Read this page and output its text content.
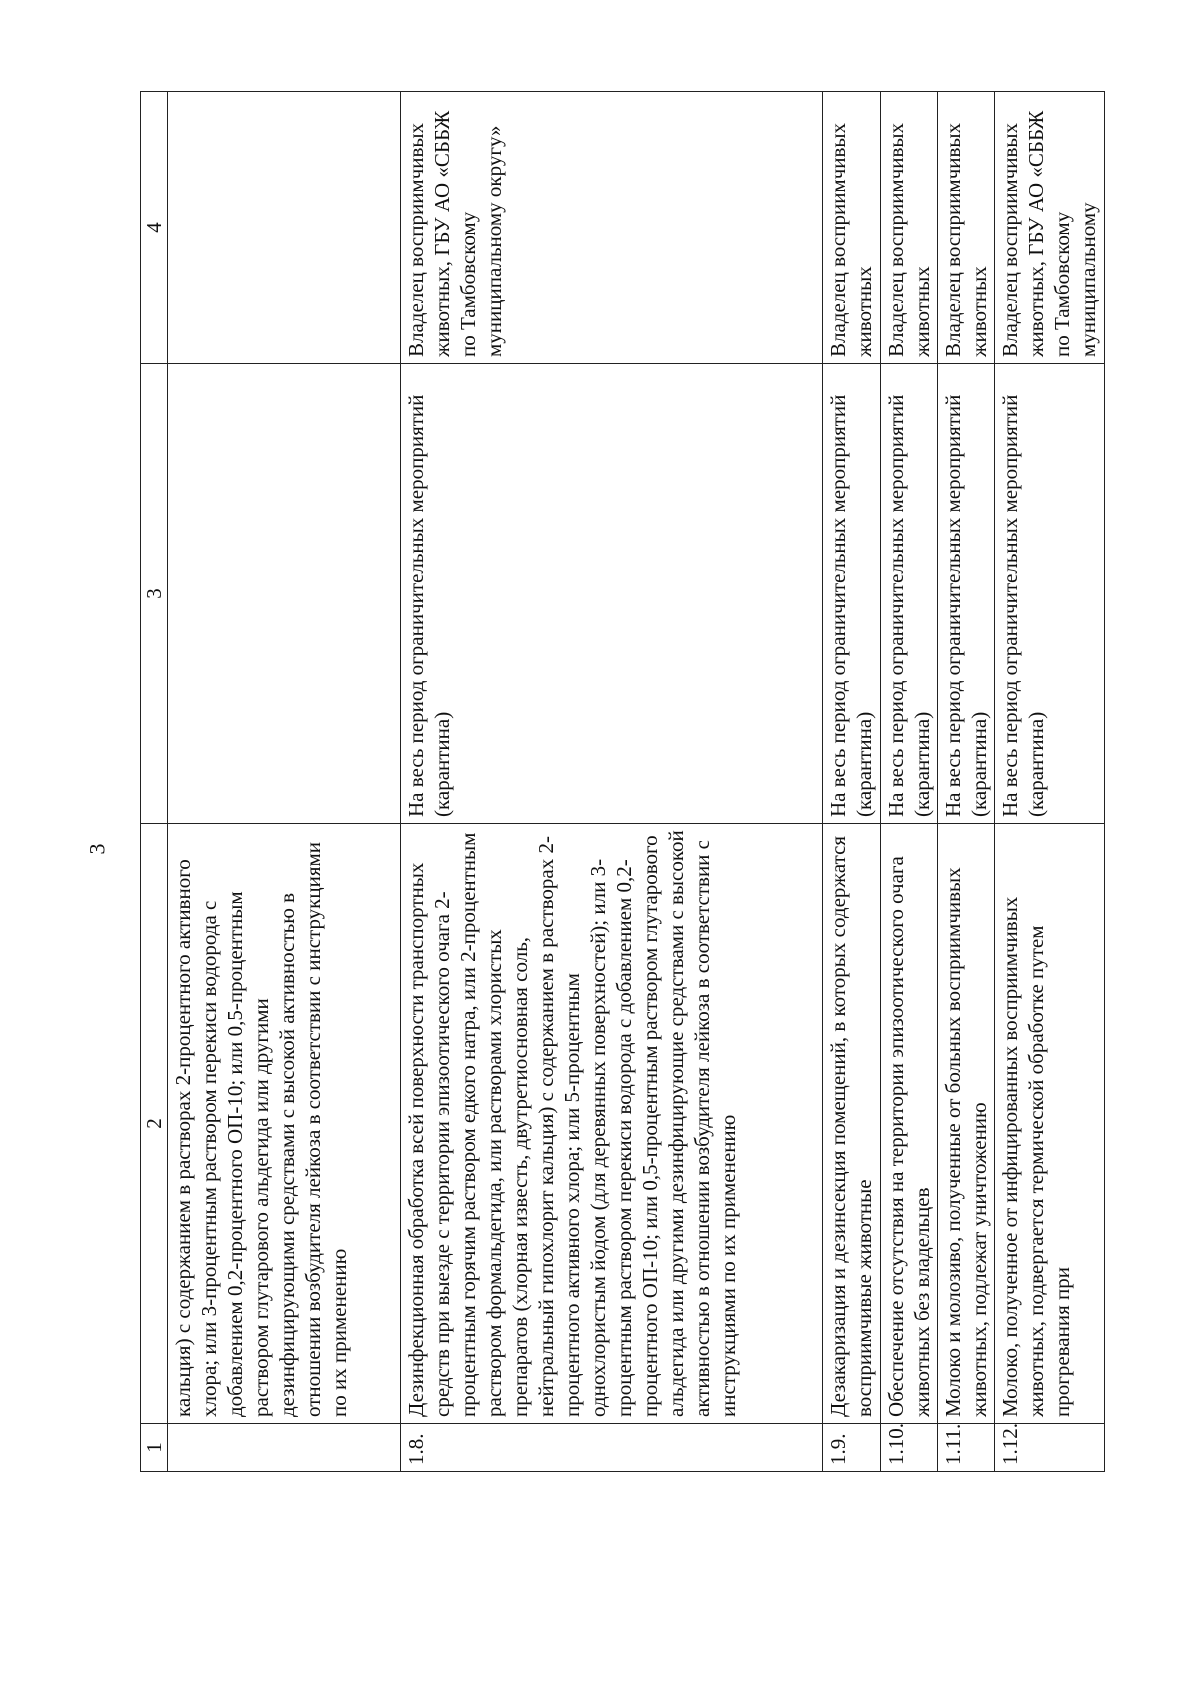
3
1	2	3	4
	кальция) с содержанием в растворах 2-процентного активного хлора; или 3-процентным раствором перекиси водорода с добавлением 0,2-процентного ОП-10; или 0,5-процентным раствором глутарового альдегида или другими дезинфицирующими средствами с высокой активностью в отношении возбудителя лейкоза в соответствии с инструкциями по их применению		
1.8.	Дезинфекционная обработка всей поверхности транспортных средств при выезде с территории эпизоотического очага 2-процентным горячим раствором едкого натра, или 2-процентным раствором формальдегида, или растворами хлористых препаратов (хлорная известь, двутретиосновная соль, нейтральный гипохлорит кальция) с содержанием в растворах 2-процентного активного хлора; или 5-процентным однохлористым йодом (для деревянных поверхностей); или 3-процентным раствором перекиси водорода с добавлением 0,2-процентного ОП-10; или 0,5-процентным раствором глутарового альдегида или другими дезинфицирующие средствами с высокой активностью в отношении возбудителя лейкоза в соответствии с инструкциями по их применению	На весь период ограничительных мероприятий (карантина)	Владелец восприимчивых животных, ГБУ АО «СББЖ по Тамбовскому муниципальному округу»
1.9.	Дезакаризация и дезинсекция помещений, в которых содержатся восприимчивые животные	На весь период ограничительных мероприятий (карантина)	Владелец восприимчивых животных
1.10.	Обеспечение отсутствия на территории эпизоотического очага животных без владельцев	На весь период ограничительных мероприятий (карантина)	Владелец восприимчивых животных
1.11.	Молоко и молозиво, полученные от больных восприимчивых животных, подлежат уничтожению	На весь период ограничительных мероприятий (карантина)	Владелец восприимчивых животных
1.12.	Молоко, полученное от инфицированных восприимчивых животных, подвергается термической обработке путем прогревания при	На весь период ограничительных мероприятий (карантина)	Владелец восприимчивых животных, ГБУ АО «СББЖ по Тамбовскому муниципальному
